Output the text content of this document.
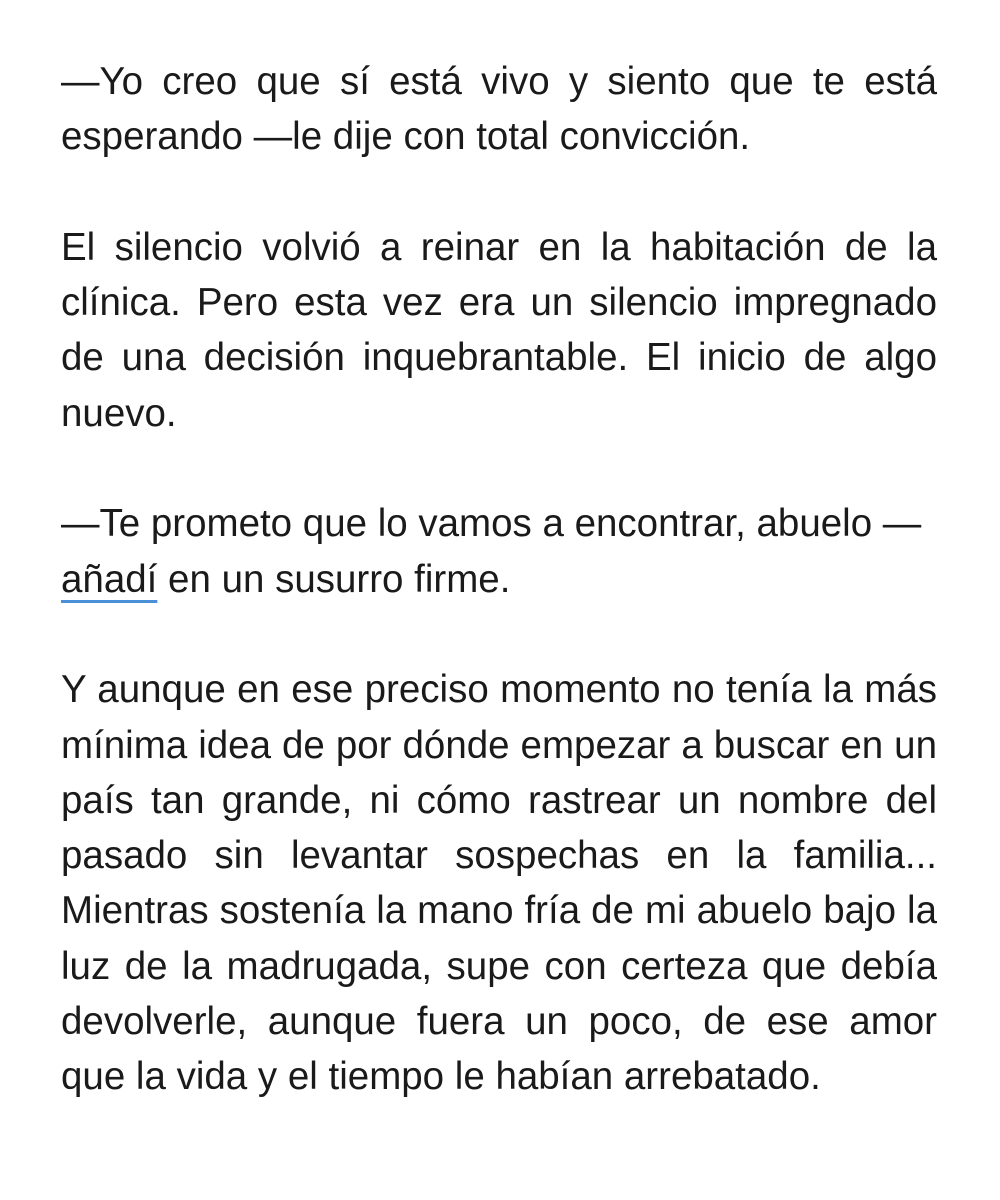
—Yo creo que sí está vivo y siento que te está esperando —le dije con total convicción.

El silencio volvió a reinar en la habitación de la clínica. Pero esta vez era un silencio impregnado de una decisión inquebrantable. El inicio de algo nuevo.

—Te prometo que lo vamos a encontrar, abuelo —añadí en un susurro firme.

Y aunque en ese preciso momento no tenía la más mínima idea de por dónde empezar a buscar en un país tan grande, ni cómo rastrear un nombre del pasado sin levantar sospechas en la familia... Mientras sostenía la mano fría de mi abuelo bajo la luz de la madrugada, supe con certeza que debía devolverle, aunque fuera un poco, de ese amor que la vida y el tiempo le habían arrebatado.
